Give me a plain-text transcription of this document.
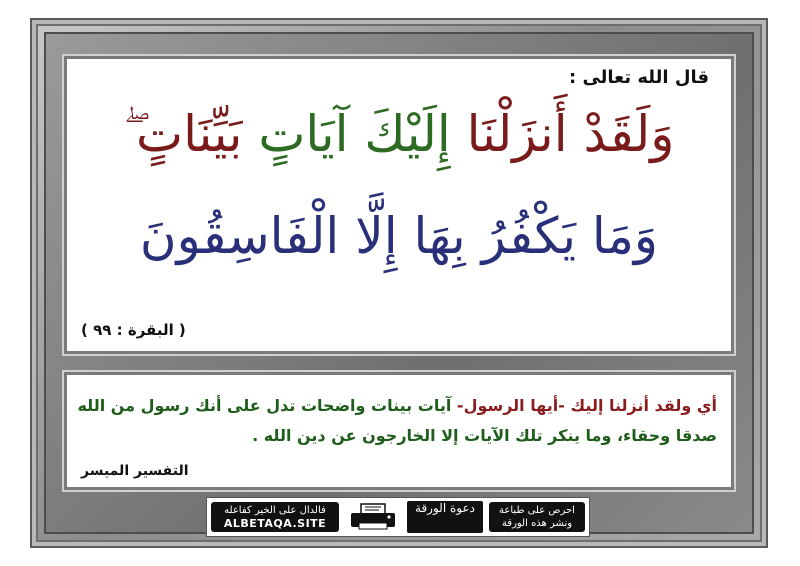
قال الله تعالى :
وَلَقَدْ أَنزَلْنَا إِلَيْكَ آيَاتٍ بَيِّنَاتٍ ۖ
وَمَا يَكْفُرُ بِهَا إِلَّا الْفَاسِقُونَ
( البقرة : ٩٩ )
أي ولقد أنزلنا إليك -أيها الرسول- آيات بينات واضحات تدل على أنك رسول من الله صدقا وحقاء، وما ينكر تلك الآيات إلا الخارجون عن دين الله .
التفسير الميسر
فالدال على الخير كفاعله
ALBETAQA.SITE
دعوة الورقة	احرص على طباعة
ونشر هذه الورقة
